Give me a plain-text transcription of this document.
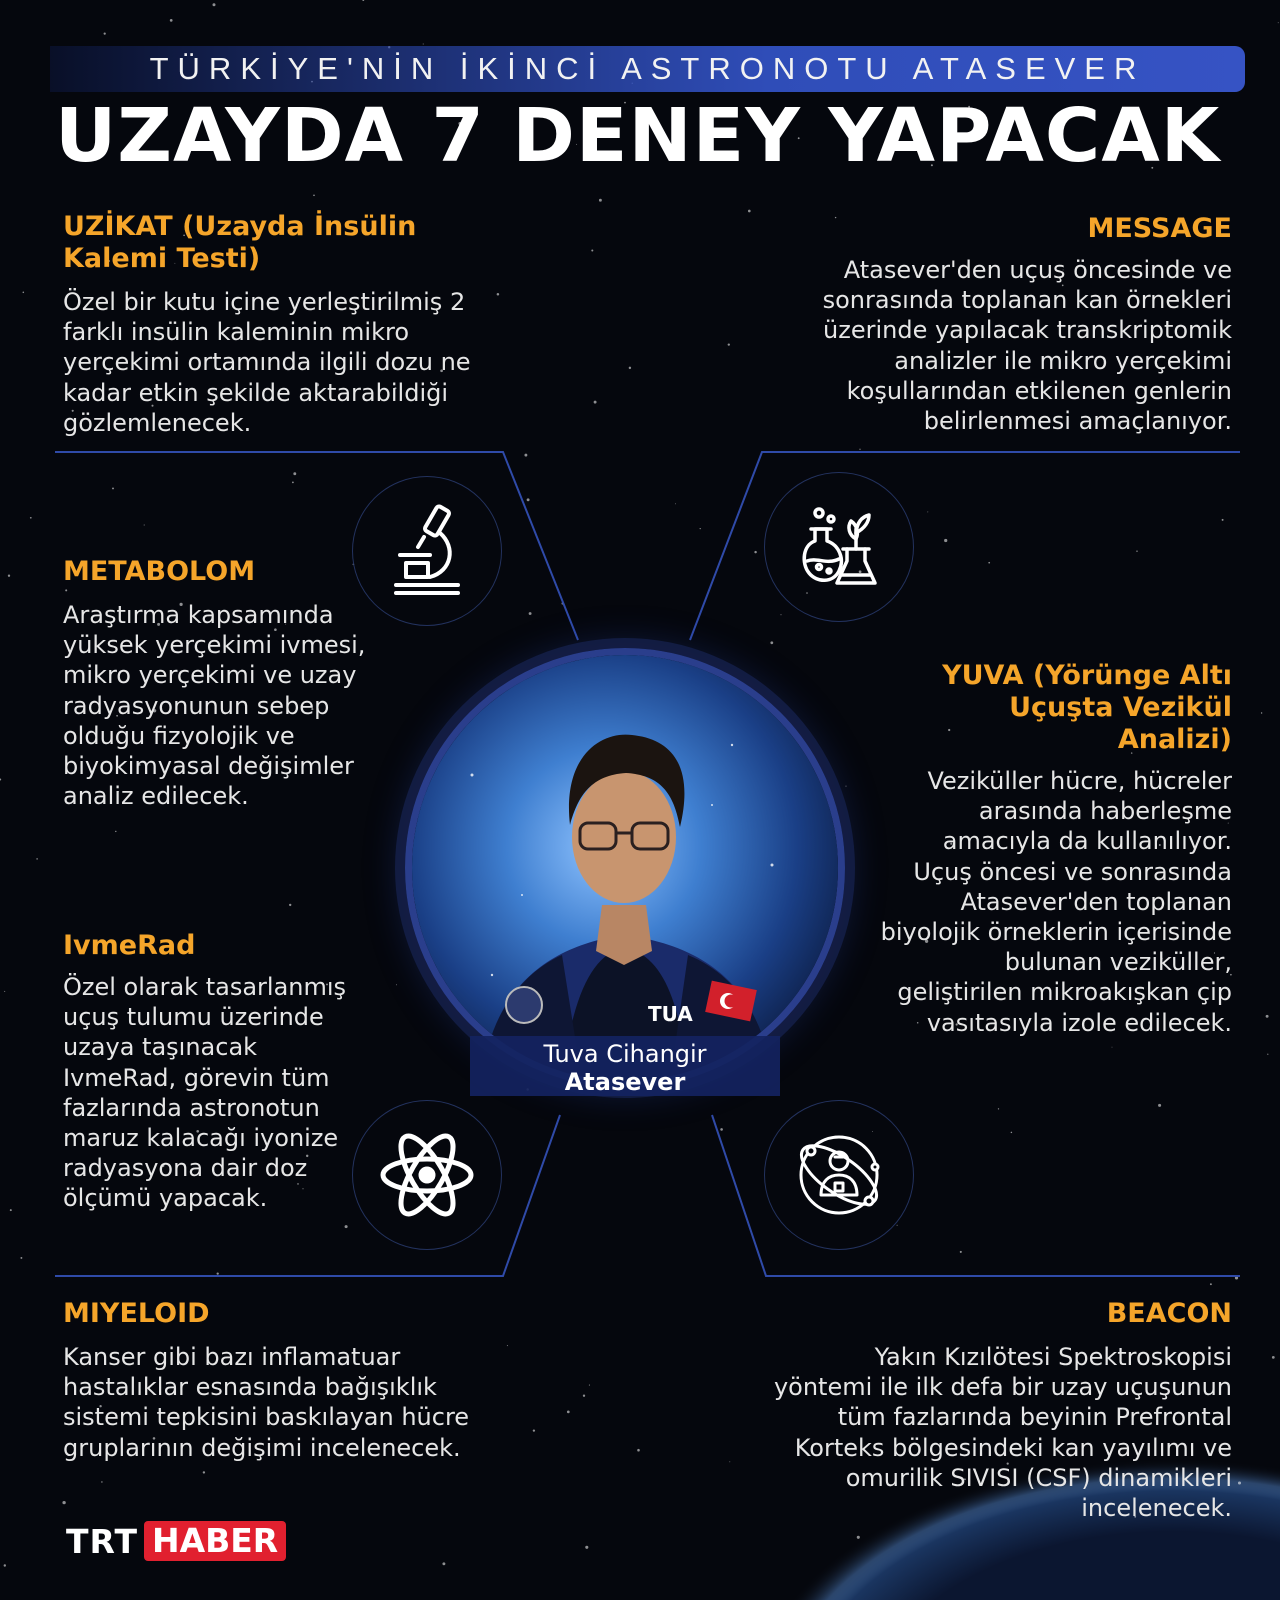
TÜRKİYE'NİN İKİNCİ ASTRONOTU ATASEVER
UZAYDA 7 DENEY YAPACAK
UZİKAT (Uzayda İnsülin Kalemi Testi)
Özel bir kutu içine yerleştirilmiş 2 farklı insülin kaleminin mikro yerçekimi ortamında ilgili dozu ne kadar etkin şekilde aktarabildiği gözlemlenecek.
MESSAGE
Atasever'den uçuş öncesinde ve sonrasında toplanan kan örnekleri üzerinde yapılacak transkriptomik analizler ile mikro yerçekimi koşullarından etkilenen genlerin belirlenmesi amaçlanıyor.
METABOLOM
Araştırma kapsamında yüksek yerçekimi ivmesi, mikro yerçekimi ve uzay radyasyonunun sebep olduğu fizyolojik ve biyokimyasal değişimler analiz edilecek.
YUVA (Yörünge Altı Uçuşta Vezikül Analizi)
Veziküller hücre, hücreler arasında haberleşme amacıyla da kullanılıyor. Uçuş öncesi ve sonrasında Atasever'den toplanan biyolojik örneklerin içerisinde bulunan veziküller, geliştirilen mikroakışkan çip vasıtasıyla izole edilecek.
IvmeRad
Özel olarak tasarlanmış uçuş tulumu üzerinde uzaya taşınacak IvmeRad, görevin tüm fazlarında astronotun maruz kalacağı iyonize radyasyona dair doz ölçümü yapacak.
MIYELOID
Kanser gibi bazı inflamatuar hastalıklar esnasında bağışıklık sistemi tepkisini baskılayan hücre gruplarının değişimi incelenecek.
BEACON
Yakın Kızılötesi Spektroskopisi yöntemi ile ilk defa bir uzay uçuşunun tüm fazlarında beyinin Prefrontal Korteks bölgesindeki kan yayılımı ve omurilik SIVISI (CSF) dinamikleri incelenecek.
TUA
Tuva Cihangir
Atasever
TRT HABER
